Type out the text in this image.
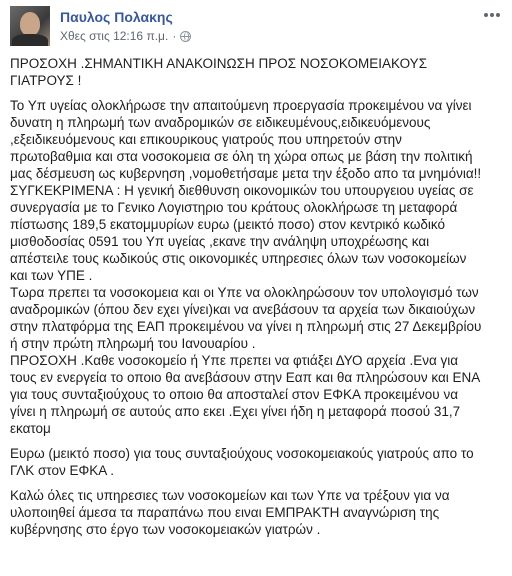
Παυλος Πολακης
Χθες στις 12:16 π.μ. ·

ΠΡΟΣΟΧΗ .ΣΗΜΑΝΤΙΚΗ ΑΝΑΚΟΙΝΩΣΗ ΠΡΟΣ ΝΟΣΟΚΟΜΕΙΑΚΟΥΣ
ΓΙΑΤΡΟΥΣ !

Το Υπ υγείας ολοκλήρωσε την απαιτούμενη προεργασία προκειμένου να γίνει
δυνατη η πληρωμή των αναδρομικών σε ειδικευμένους,ειδικευόμενους
,εξειδικευόμενους και επικουρικους γιατρούς που υπηρετούν στην
πρωτοβαθμια και στα νοσοκομεια σε όλη τη χώρα οπως με βάση την πολιτική
μας δέσμευση ως κυβερνηση ,νομοθετήσαμε μετα την έξοδο απο τα μνημόνια!!
ΣΥΓΚΕΚΡΙΜΕΝΑ : Η γενική διεθθυνση οικονομικών του υπουργειου υγείας σε
συνεργασία με το Γενικο Λογιστηριο του κράτους ολοκλήρωσε τη μεταφορά
πίστωσης 189,5 εκατομμυρίων ευρω (μεικτό ποσο) στον κεντρικό κωδικό
μισθοδοσίας 0591 του Υπ υγείας ,εκανε την ανάληψη υποχρέωσης και
απέστειλε τους κωδικούς στις οικονομικές υπηρεσιες όλων των νοσοκομείων
και των ΥΠΕ .
Τωρα πρεπει τα νοσοκομεια και οι Υπε να ολοκληρώσουν τον υπολογισμό των
αναδρομικών (όπου δεν εχει γίνει)και να ανεβάσουν τα αρχεία των δικαιούχων
στην πλατφόρμα της ΕΑΠ προκειμένου να γίνει η πληρωμή στις 27 Δεκεμβρίου
ή στην πρώτη πληρωμή του Ιανουαρίου .
ΠΡΟΣΟΧΗ .Καθε νοσοκομείο ή Υπε πρεπει να φτιάξει ΔΥΟ αρχεία .Ενα για
τους εν ενεργεία το οποιο θα ανεβάσουν στην Εαπ και θα πληρώσουν και ΕΝΑ
για τους συνταξιούχους το οποιο θα αποσταλεί στον ΕΦΚΑ προκειμένου να
γίνει η πληρωμή σε αυτούς απο εκει .Εχει γίνει ήδη η μεταφορά ποσού 31,7
εκατομ

Ευρω (μεικτό ποσο) για τους συνταξιούχους νοσοκομειακούς γιατρούς απο το
ΓΛΚ στον ΕΦΚΑ .

Καλώ όλες τις υπηρεσιες των νοσοκομείων και των Υπε να τρέξουν για να
υλοποιηθεί άμεσα τα παραπάνω που ειναι ΕΜΠΡΑΚΤΗ αναγνώριση της
κυβέρνησης στο έργο των νοσοκομειακών γιατρών .
